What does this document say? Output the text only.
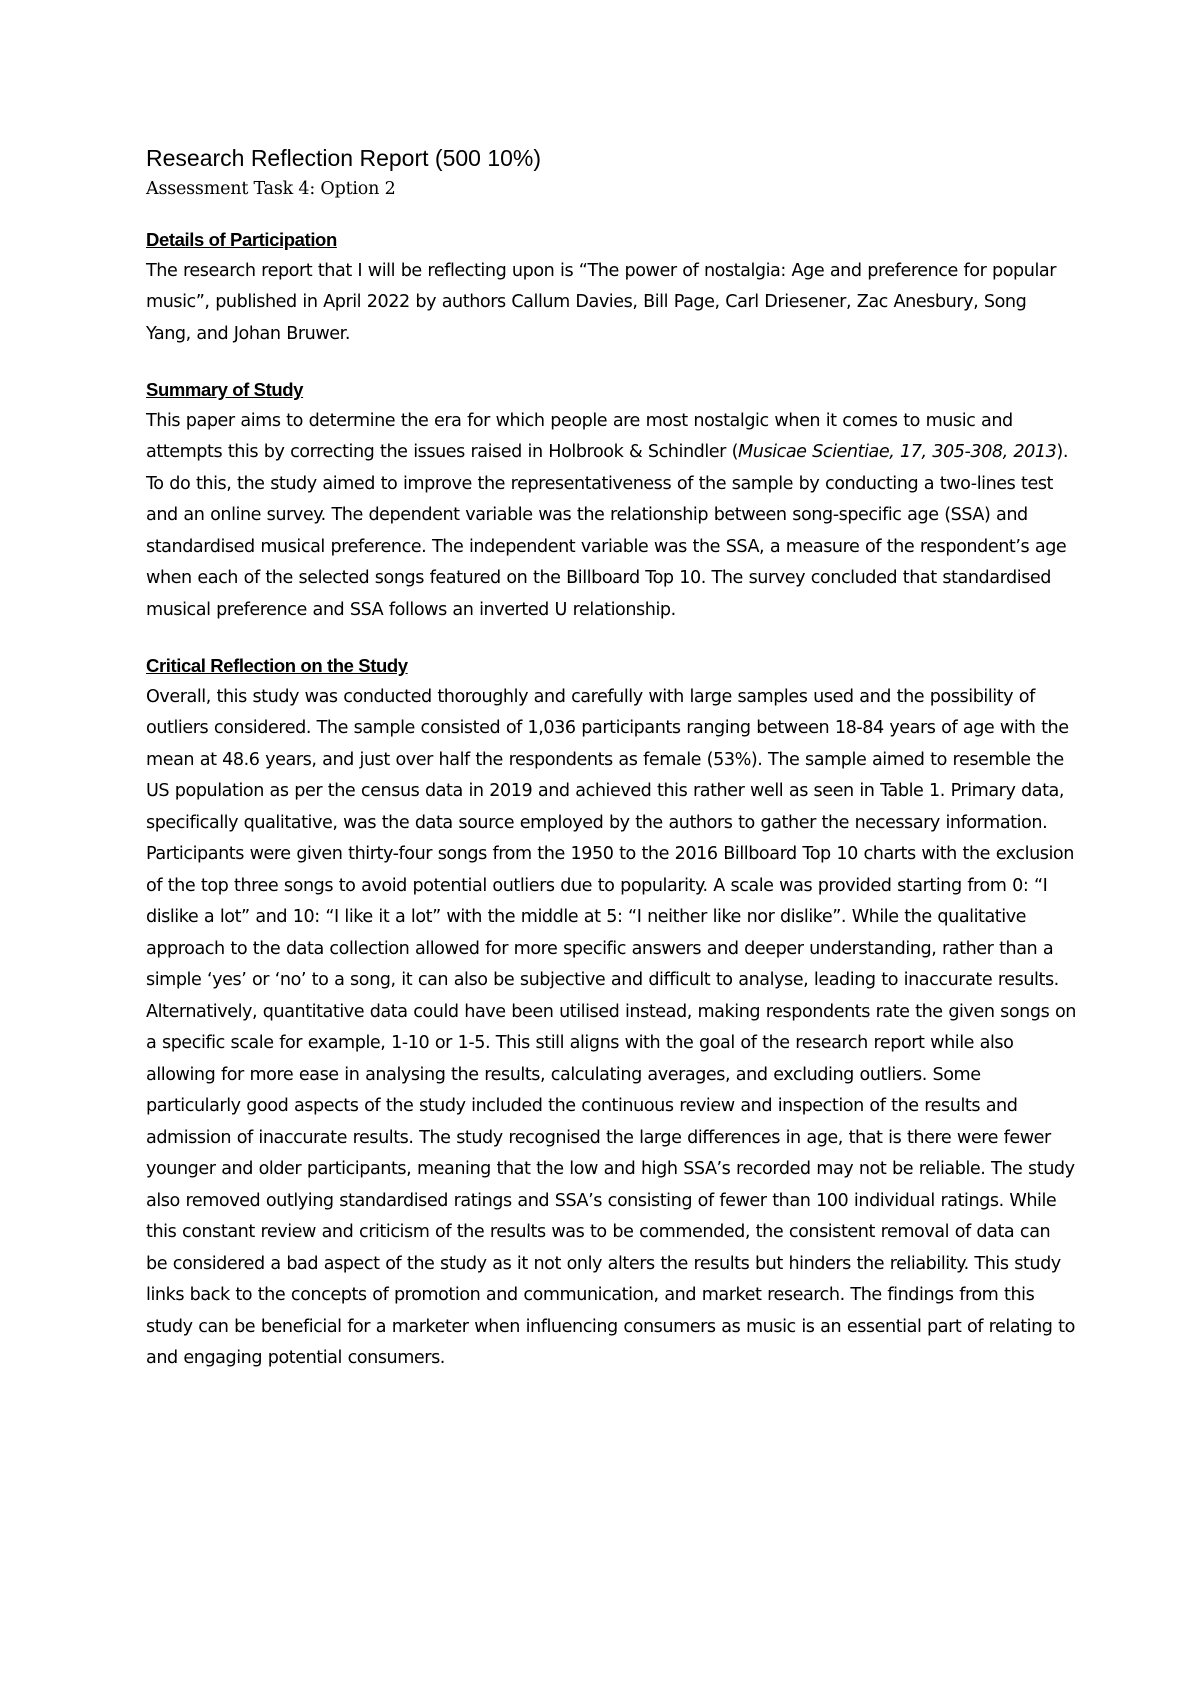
Research Reflection Report (500 10%)
Assessment Task 4: Option 2
Details of Participation

The research report that I will be reflecting upon is “The power of nostalgia: Age and preference for popular music”, published in April 2022 by authors Callum Davies, Bill Page, Carl Driesener, Zac Anesbury, Song Yang, and Johan Bruwer.

Summary of Study

This paper aims to determine the era for which people are most nostalgic when it comes to music and attempts this by correcting the issues raised in Holbrook & Schindler (Musicae Scientiae, 17, 305-308, 2013). To do this, the study aimed to improve the representativeness of the sample by conducting a two-lines test and an online survey. The dependent variable was the relationship between song-specific age (SSA) and standardised musical preference. The independent variable was the SSA, a measure of the respondent’s age when each of the selected songs featured on the Billboard Top 10. The survey concluded that standardised musical preference and SSA follows an inverted U relationship.

Critical Reflection on the Study

Overall, this study was conducted thoroughly and carefully with large samples used and the possibility of outliers considered. The sample consisted of 1,036 participants ranging between 18-84 years of age with the mean at 48.6 years, and just over half the respondents as female (53%). The sample aimed to resemble the US population as per the census data in 2019 and achieved this rather well as seen in Table 1. Primary data, specifically qualitative, was the data source employed by the authors to gather the necessary information. Participants were given thirty-four songs from the 1950 to the 2016 Billboard Top 10 charts with the exclusion of the top three songs to avoid potential outliers due to popularity. A scale was provided starting from 0: “I dislike a lot” and 10: “I like it a lot” with the middle at 5: “I neither like nor dislike”. While the qualitative approach to the data collection allowed for more specific answers and deeper understanding, rather than a simple ‘yes’ or ‘no’ to a song, it can also be subjective and difficult to analyse, leading to inaccurate results. Alternatively, quantitative data could have been utilised instead, making respondents rate the given songs on a specific scale for example, 1-10 or 1-5. This still aligns with the goal of the research report while also allowing for more ease in analysing the results, calculating averages, and excluding outliers. Some particularly good aspects of the study included the continuous review and inspection of the results and admission of inaccurate results. The study recognised the large differences in age, that is there were fewer younger and older participants, meaning that the low and high SSA’s recorded may not be reliable. The study also removed outlying standardised ratings and SSA’s consisting of fewer than 100 individual ratings. While this constant review and criticism of the results was to be commended, the consistent removal of data can be considered a bad aspect of the study as it not only alters the results but hinders the reliability. This study links back to the concepts of promotion and communication, and market research. The findings from this study can be beneficial for a marketer when influencing consumers as music is an essential part of relating to and engaging potential consumers.
